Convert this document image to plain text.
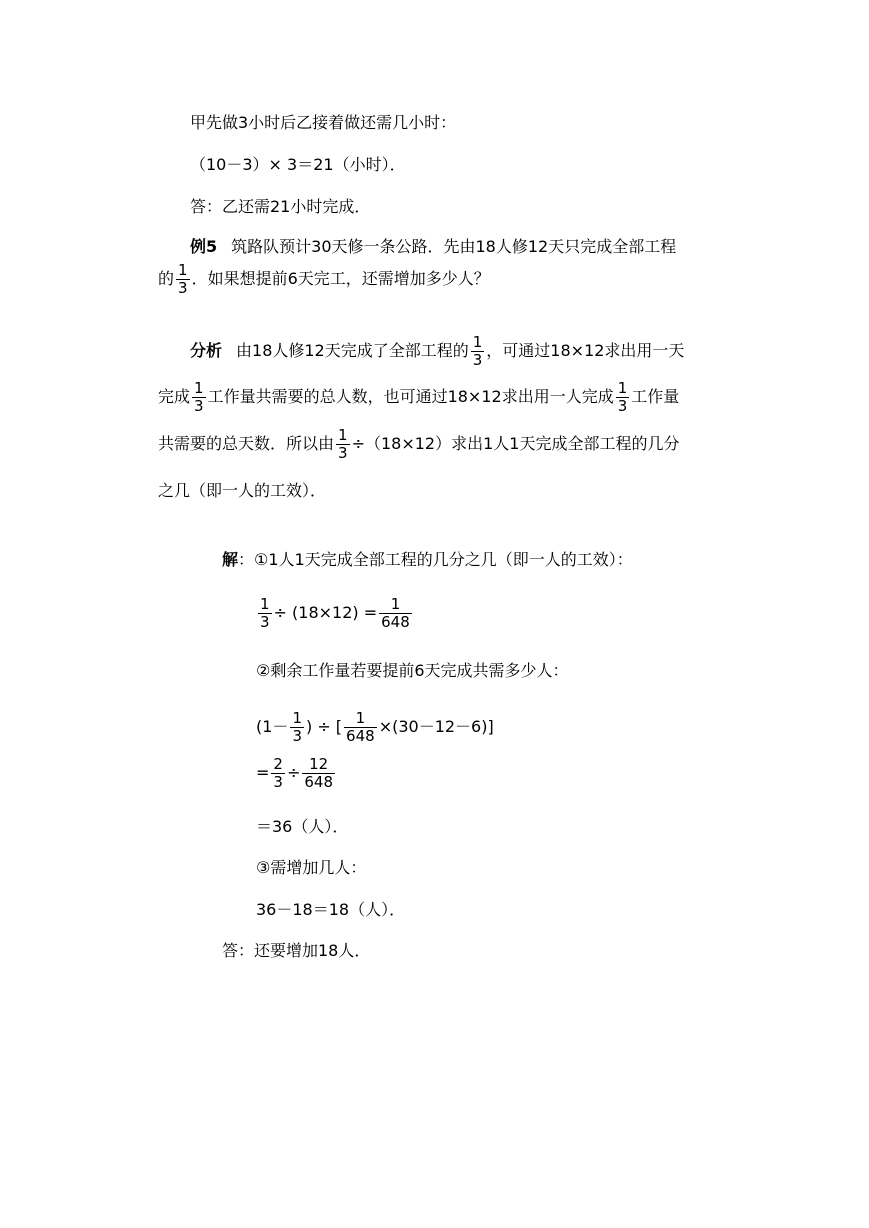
甲先做3小时后乙接着做还需几小时：
（10－3）× 3＝21（小时）．
答：乙还需21小时完成．
例5 筑路队预计30天修一条公路．先由18人修12天只完成全部工程
的 $\frac{1}{3}$ ．如果想提前6天完工，还需增加多少人？
分析 由18人修12天完成了全部工程的 $\frac{1}{3}$ ，可通过18×12求出用一天
完成 $\frac{1}{3}$ 工作量共需要的总人数，也可通过18×12求出用一人完成 $\frac{1}{3}$ 工作量
共需要的总天数．所以由 $\frac{1}{3} \div(18\times 12)$求出1人1天完成全部工程的几分
之几（即一人的工效）．
解：①1人1天完成全部工程的几分之几（即一人的工效）：
$\frac{1}{3} \div (18\times 12) = \frac{1}{648}$
②剩余工作量若要提前6天完成共需多少人：
($1- \frac{1}{3}$ ) ÷ [ $\frac{1}{648} \times(30-12-6)$]
= $\frac{2}{3} \div \frac{12}{648}$
＝36（人）．
③需增加几人：
36－18＝18（人）．
答：还要增加18人．
